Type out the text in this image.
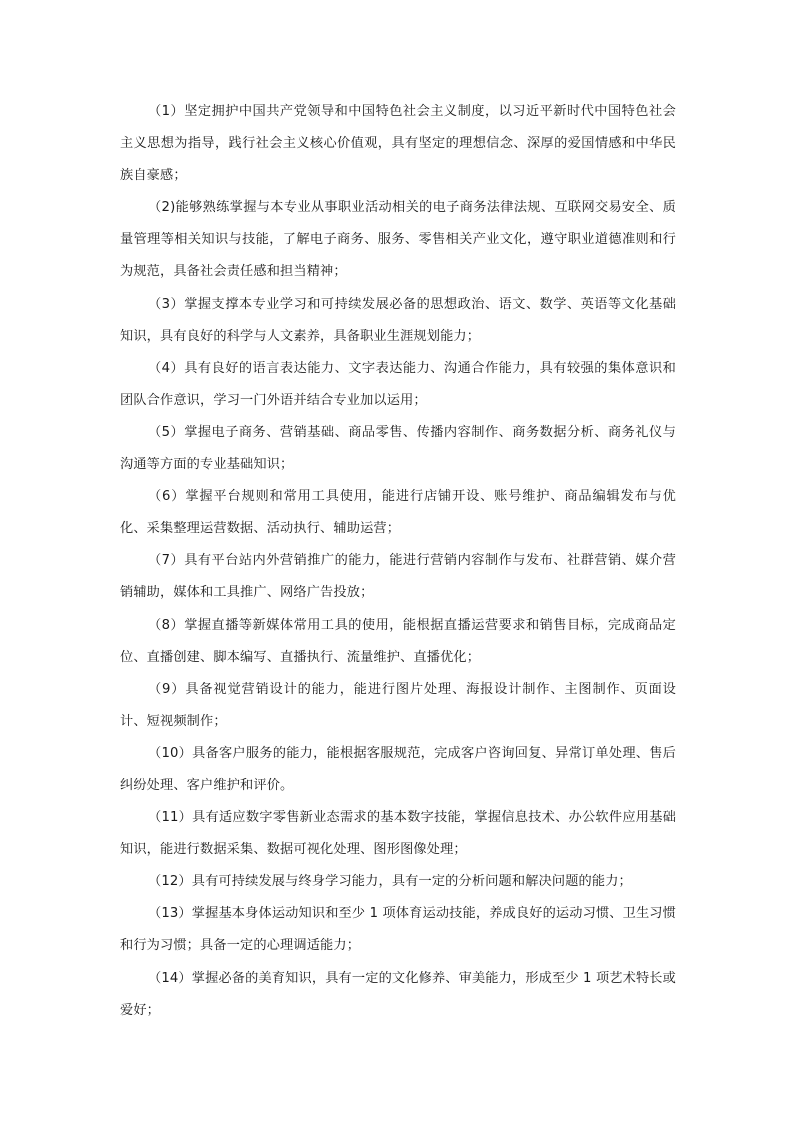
（1）坚定拥护中国共产党领导和中国特色社会主义制度，以习近平新时代中国特色社会主义思想为指导，践行社会主义核心价值观，具有坚定的理想信念、深厚的爱国情感和中华民族自豪感；

（2)能够熟练掌握与本专业从事职业活动相关的电子商务法律法规、互联网交易安全、质量管理等相关知识与技能，了解电子商务、服务、零售相关产业文化，遵守职业道德准则和行为规范，具备社会责任感和担当精神；

（3）掌握支撑本专业学习和可持续发展必备的思想政治、语文、数学、英语等文化基础知识，具有良好的科学与人文素养，具备职业生涯规划能力；

（4）具有良好的语言表达能力、文字表达能力、沟通合作能力，具有较强的集体意识和团队合作意识，学习一门外语并结合专业加以运用；

（5）掌握电子商务、营销基础、商品零售、传播内容制作、商务数据分析、商务礼仪与沟通等方面的专业基础知识；

（6）掌握平台规则和常用工具使用，能进行店铺开设、账号维护、商品编辑发布与优化、采集整理运营数据、活动执行、辅助运营；

（7）具有平台站内外营销推广的能力，能进行营销内容制作与发布、社群营销、媒介营销辅助，媒体和工具推广、网络广告投放；

（8）掌握直播等新媒体常用工具的使用，能根据直播运营要求和销售目标，完成商品定位、直播创建、脚本编写、直播执行、流量维护、直播优化；

（9）具备视觉营销设计的能力，能进行图片处理、海报设计制作、主图制作、页面设计、短视频制作；

（10）具备客户服务的能力，能根据客服规范，完成客户咨询回复、异常订单处理、售后纠纷处理、客户维护和评价。

（11）具有适应数字零售新业态需求的基本数字技能，掌握信息技术、办公软件应用基础知识，能进行数据采集、数据可视化处理、图形图像处理；

（12）具有可持续发展与终身学习能力，具有一定的分析问题和解决问题的能力；

（13）掌握基本身体运动知识和至少 1 项体育运动技能，养成良好的运动习惯、卫生习惯和行为习惯；具备一定的心理调适能力；

（14）掌握必备的美育知识，具有一定的文化修养、审美能力，形成至少 1 项艺术特长或爱好；
